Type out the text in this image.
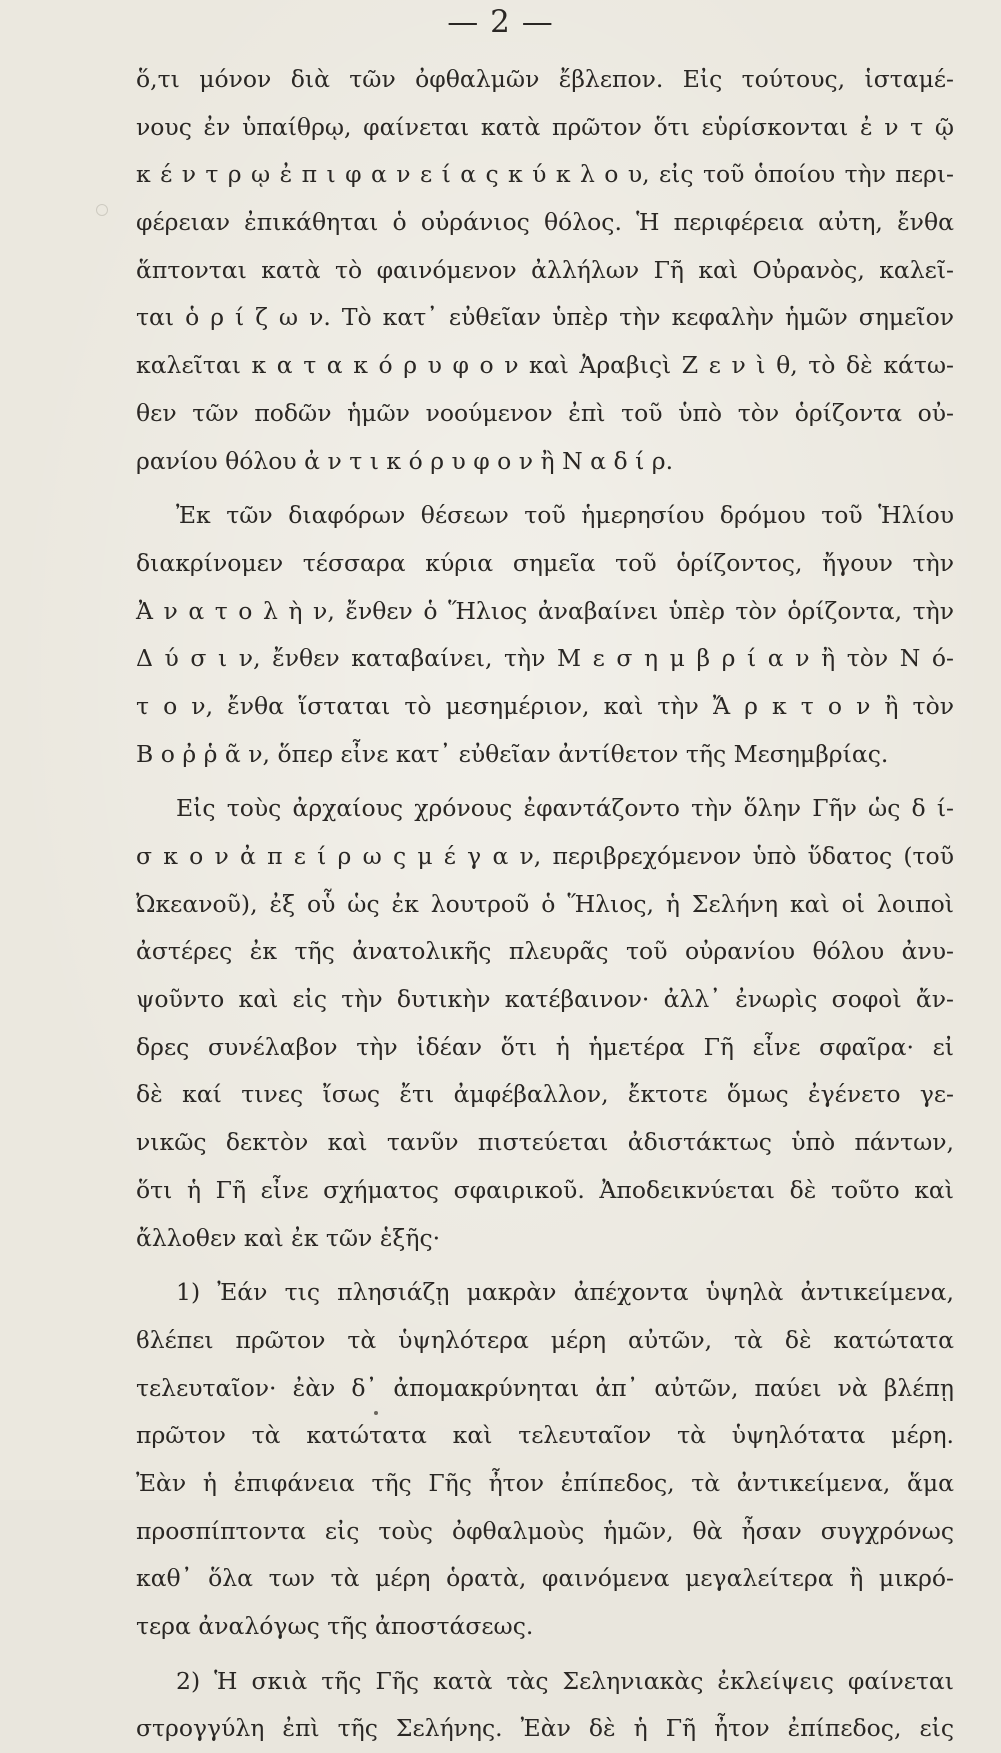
— 2 —
ὅ,τι μόνον διὰ τῶν ὀφθαλμῶν ἔβλεπον. Εἰς τούτους, ἱσταμέ-
νους ἐν ὑπαίθρῳ, φαίνεται κατὰ πρῶτον ὅτι εὑρίσκονται ἐ ν τ ῷ
κ έ ν τ ρ ῳ ἐ π ι φ α ν ε ί α ς κ ύ κ λ ο υ, εἰς τοῦ ὁποίου τὴν περι-
φέρειαν ἐπικάθηται ὁ οὐράνιος θόλος. Ἡ περιφέρεια αὐτη, ἔνθα
ἅπτονται κατὰ τὸ φαινόμενον ἀλλήλων Γῆ καὶ Οὐρανὸς, καλεῖ-
ται ὁ ρ ί ζ ω ν. Τὸ κατ᾽ εὐθεῖαν ὑπὲρ τὴν κεφαλὴν ἡμῶν σημεῖον
καλεῖται κ α τ α κ ό ρ υ φ ο ν καὶ Ἀραβιςὶ Ζ ε ν ὶ θ, τὸ δὲ κάτω-
θεν τῶν ποδῶν ἡμῶν νοούμενον ἐπὶ τοῦ ὑπὸ τὸν ὁρίζοντα οὐ-
ρανίου θόλου ἀ ν τ ι κ ό ρ υ φ ο ν ἢ Ν α δ ί ρ.
Ἐκ τῶν διαφόρων θέσεων τοῦ ἡμερησίου δρόμου τοῦ Ἡλίου
διακρίνομεν τέσσαρα κύρια σημεῖα τοῦ ὁρίζοντος, ἤγουν τὴν
Ἀ ν α τ ο λ ὴ ν, ἔνθεν ὁ Ἥλιος ἀναβαίνει ὑπὲρ τὸν ὁρίζοντα, τὴν
Δ ύ σ ι ν, ἔνθεν καταβαίνει, τὴν Μ ε σ η μ β ρ ί α ν ἢ τὸν Ν ό-
τ ο ν, ἔνθα ἵσταται τὸ μεσημέριον, καὶ τὴν Ἄ ρ κ τ ο ν ἢ τὸν
Β ο ῤ ῥ ᾶ ν, ὅπερ εἶνε κατ᾽ εὐθεῖαν ἀντίθετον τῆς Μεσημβρίας.
Εἰς τοὺς ἀρχαίους χρόνους ἐφαντάζοντο τὴν ὅλην Γῆν ὡς δ ί-
σ κ ο ν ἀ π ε ί ρ ω ς μ έ γ α ν, περιβρεχόμενον ὑπὸ ὕδατος (τοῦ
Ὠκεανοῦ), ἐξ οὗ ὡς ἐκ λουτροῦ ὁ Ἥλιος, ἡ Σελήνη καὶ οἱ λοιποὶ
ἀστέρες ἐκ τῆς ἀνατολικῆς πλευρᾶς τοῦ οὐρανίου θόλου ἀνυ-
ψοῦντο καὶ εἰς τὴν δυτικὴν κατέβαινον· ἀλλ᾽ ἐνωρὶς σοφοὶ ἄν-
δρες συνέλαβον τὴν ἰδέαν ὅτι ἡ ἡμετέρα Γῆ εἶνε σφαῖρα· εἰ
δὲ καί τινες ἴσως ἔτι ἀμφέβαλλον, ἔκτοτε ὅμως ἐγένετο γε-
νικῶς δεκτὸν καὶ τανῦν πιστεύεται ἀδιστάκτως ὑπὸ πάντων,
ὅτι ἡ Γῆ εἶνε σχήματος σφαιρικοῦ. Ἀποδεικνύεται δὲ τοῦτο καὶ
ἄλλοθεν καὶ ἐκ τῶν ἑξῆς·
1) Ἐάν τις πλησιάζῃ μακρὰν ἀπέχοντα ὑψηλὰ ἀντικείμενα,
ϐλέπει πρῶτον τὰ ὑψηλότερα μέρη αὐτῶν, τὰ δὲ κατώτατα
τελευταῖον· ἐὰν δ᾽ ἀπομακρύνηται ἀπ᾽ αὐτῶν, παύει νὰ βλέπῃ
πρῶτον τὰ κατώτατα καὶ τελευταῖον τὰ ὑψηλότατα μέρη.
Ἐὰν ἡ ἐπιφάνεια τῆς Γῆς ἦτον ἐπίπεδος, τὰ ἀντικείμενα, ἅμα
προσπίπτοντα εἰς τοὺς ὀφθαλμοὺς ἡμῶν, θὰ ἦσαν συγχρόνως
καθ᾽ ὅλα των τὰ μέρη ὁρατὰ, φαινόμενα μεγαλείτερα ἢ μικρό-
τερα ἀναλόγως τῆς ἀποστάσεως.
2) Ἡ σκιὰ τῆς Γῆς κατὰ τὰς Σεληνιακὰς ἐκλείψεις φαίνεται
στρογγύλη ἐπὶ τῆς Σελήνης. Ἐὰν δὲ ἡ Γῆ ἦτον ἐπίπεδος, εἰς
